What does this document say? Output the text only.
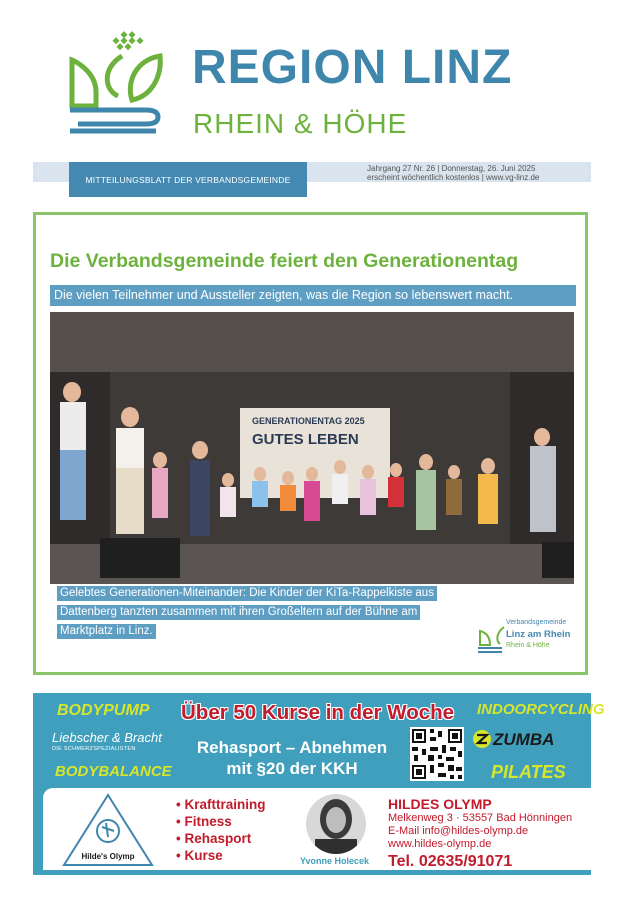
REGION LINZ
RHEIN & HÖHE
MITTEILUNGSBLATT DER VERBANDSGEMEINDE
Jahrgang 27 Nr. 26 | Donnerstag, 26. Juni 2025
erscheint wöchentlich kostenlos | www.vg-linz.de
Die Verbandsgemeinde feiert den Generationentag
Die vielen Teilnehmer und Aussteller zeigten, was die Region so lebenswert macht.
GENERATIONENTAG 2025
GUTES LEBEN
Gelebtes Generationen-Miteinander: Die Kinder der KiTa-Rappelkiste aus
Dattenberg tanzten zusammen mit ihren Großeltern auf der Bühne am
Marktplatz in Linz.
Verbandsgemeinde
Linz am Rhein
Rhein & Höhe
BODYPUMP
Liebscher & Bracht
DIE SCHMERZSPEZIALISTEN
BODYBALANCE
Über 50 Kurse in der Woche
Rehasport – Abnehmen
mit §20 der KKH
INDOORCYCLING
ZUMBA
PILATES
Hilde's Olymp
• Krafttraining
• Fitness
• Rehasport
• Kurse	Yvonne Holecek
HILDES OLYMP
Melkenweg 3 · 53557 Bad Hönningen
E-Mail info@hildes-olymp.de
www.hildes-olymp.de
Tel. 02635/91071
